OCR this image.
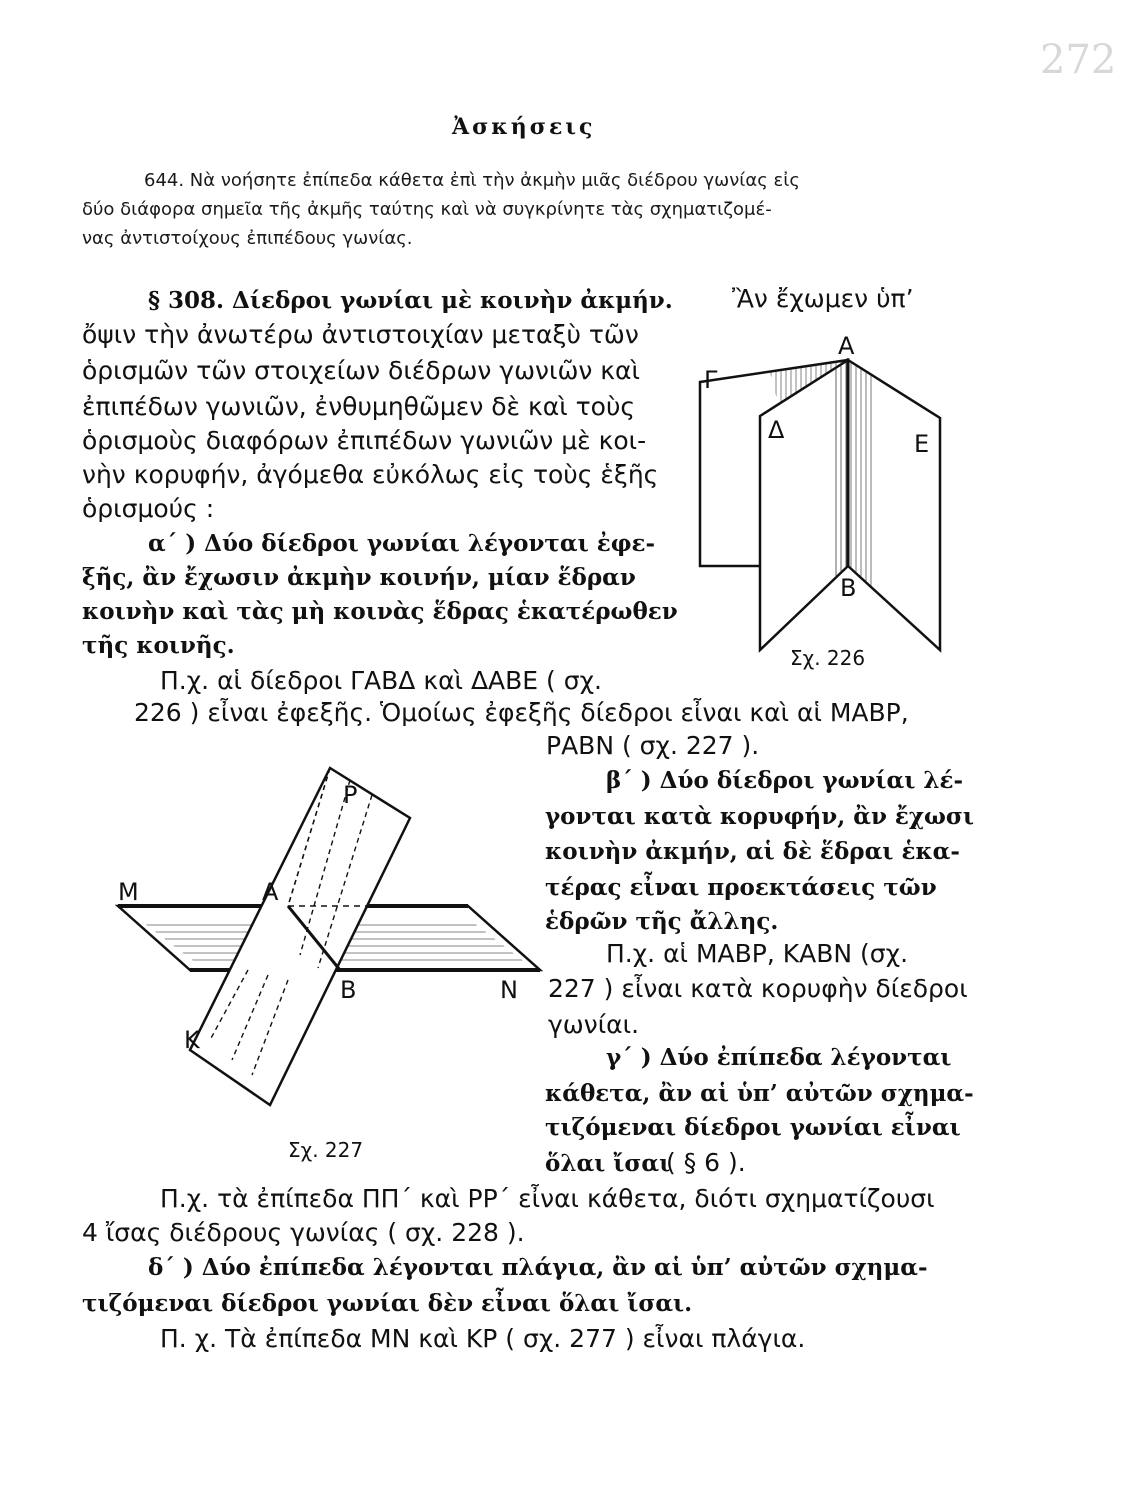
272
Ἀσκήσεις
644. Νὰ νοήσητε ἐπίπεδα κάθετα ἐπὶ τὴν ἀκμὴν μιᾶς διέδρου γωνίας εἰς
δύο διάφορα σημεῖα τῆς ἀκμῆς ταύτης καὶ νὰ συγκρίνητε τὰς σχηματιζομέ-
νας ἀντιστοίχους ἐπιπέδους γωνίας.
§ 308. Δίεδροι γωνίαι μὲ κοινὴν ἀκμήν. Ἂν ἔχωμεν ὑπ’
ὄψιν τὴν ἀνωτέρω ἀντιστοιχίαν μεταξὺ τῶν
ὁρισμῶν τῶν στοιχείων διέδρων γωνιῶν καὶ
ἐπιπέδων γωνιῶν, ἐνθυμηθῶμεν δὲ καὶ τοὺς
ὁρισμοὺς διαφόρων ἐπιπέδων γωνιῶν μὲ κοι-
νὴν κορυφήν, ἀγόμεθα εὐκόλως εἰς τοὺς ἑξῆς
ὁρισμούς :
α΄ ) Δύο δίεδροι γωνίαι λέγονται ἐφε-
ξῆς, ἂν ἔχωσιν ἀκμὴν κοινήν, μίαν ἕδραν
κοινὴν καὶ τὰς μὴ κοινὰς ἕδρας ἑκατέρωθεν
τῆς κοινῆς.
Π.χ. αἱ δίεδροι ΓΑΒΔ καὶ ΔΑΒΕ ( σχ.
226 ) εἶναι ἐφεξῆς. Ὁμοίως ἐφεξῆς δίεδροι εἶναι καὶ αἱ ΜΑΒΡ,
ΡΑΒΝ ( σχ. 227 ).
β΄ ) Δύο δίεδροι γωνίαι λέ-
γονται κατὰ κορυφήν, ἂν ἔχωσι
κοινὴν ἀκμήν, αἱ δὲ ἕδραι ἑκα-
τέρας εἶναι προεκτάσεις τῶν
ἑδρῶν τῆς ἄλλης.
Π.χ. αἱ ΜΑΒΡ, ΚΑΒΝ (σχ.
227 ) εἶναι κατὰ κορυφὴν δίεδροι
γωνίαι.
γ΄ ) Δύο ἐπίπεδα λέγονται
κάθετα, ἂν αἱ ὑπ’ αὐτῶν σχημα-
τιζόμεναι δίεδροι γωνίαι εἶναι
ὅλαι ἴσαι
( § 6 ).
Π.χ. τὰ ἐπίπεδα ΠΠ΄ καὶ ΡΡ΄ εἶναι κάθετα, διότι σχηματίζουσι
4 ἴσας διέδρους γωνίας ( σχ. 228 ).
δ΄ ) Δύο ἐπίπεδα λέγονται πλάγια, ἂν αἱ ὑπ’ αὐτῶν σχημα-
τιζόμεναι δίεδροι γωνίαι δὲν εἶναι ὅλαι ἴσαι.
Π. χ. Τὰ ἐπίπεδα ΜΝ καὶ ΚΡ ( σχ. 277 ) εἶναι πλάγια.
Α
Γ
Δ	Ε
Β
Σχ. 226
Ρ
Μ	Α
Β	Ν
Κ
Σχ. 227
